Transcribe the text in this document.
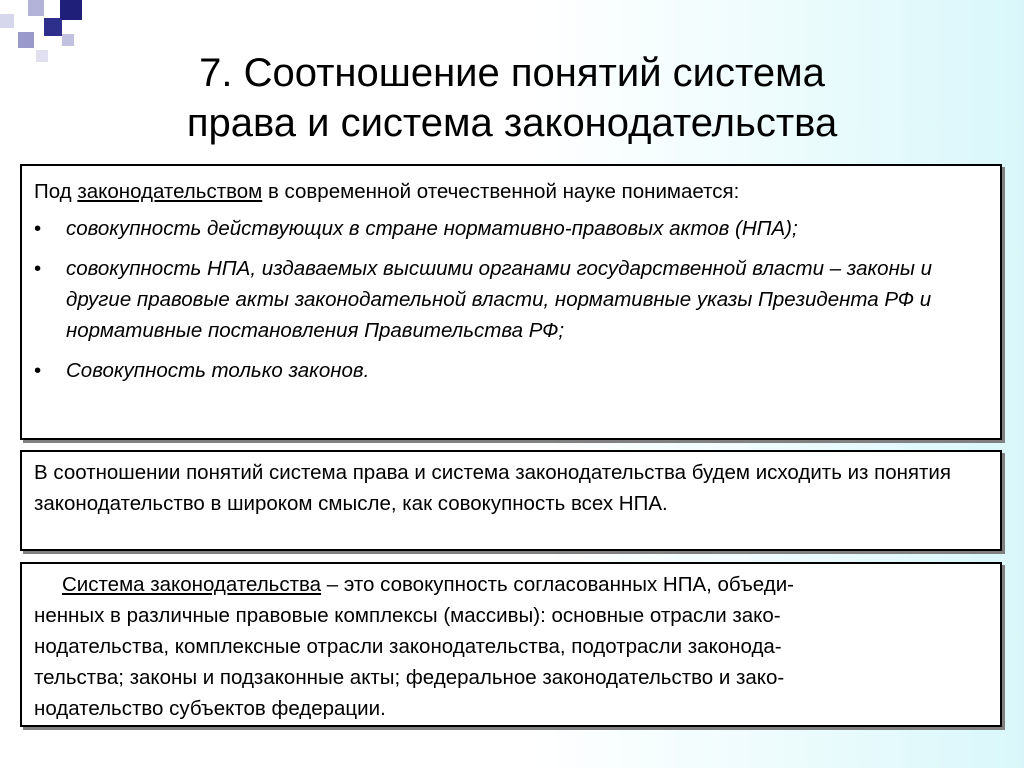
7. Соотношение понятий система
права и система законодательства
Под законодательством в современной отечественной науке понимается:
• совокупность действующих в стране нормативно-правовых актов (НПА);
• совокупность НПА, издаваемых высшими органами государственной власти – законы и другие правовые акты законодательной власти, нормативные указы Президента РФ и нормативные постановления Правительства РФ;
• Совокупность только законов.
В соотношении понятий система права и система законодательства будем исходить из понятия законодательство в широком смысле, как совокупность всех НПА.
Система законодательства – это совокупность согласованных НПА, объеди-
ненных в различные правовые комплексы (массивы): основные отрасли зако-
нодательства, комплексные отрасли законодательства, подотрасли законода-
тельства; законы и подзаконные акты; федеральное законодательство и зако-
нодательство субъектов федерации.
